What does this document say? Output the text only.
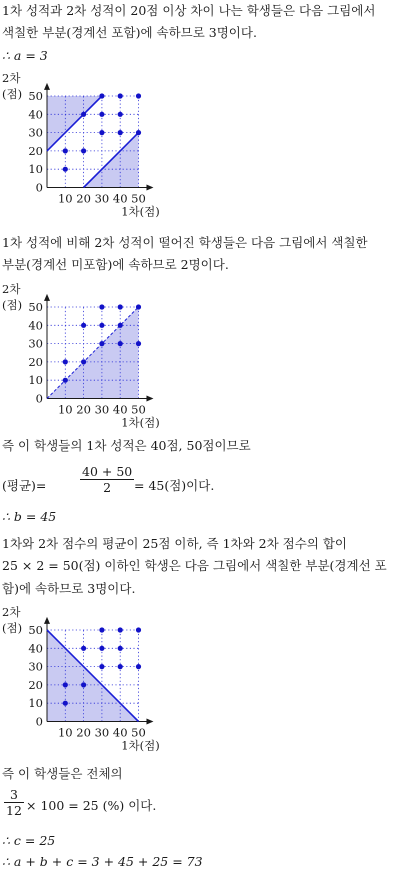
1차 성적과 2차 성적이 20점 이상 차이 나는 학생들은 다음 그림에서
색칠한 부분(경계선 포함)에 속하므로 3명이다.
∴ a = 3
0
10
20
30
40
50
10 20 30 40 50
2차
(점)
1차(점)
1차 성적에 비해 2차 성적이 떨어진 학생들은 다음 그림에서 색칠한
부분(경계선 미포함)에 속하므로 2명이다.
0
10
20
30
40
50
10 20 30 40 50
2차
(점)
1차(점)
즉 이 학생들의 1차 성적은 40점, 50점이므로
(평균)=	$\frac{40 + 50}{2} = 45$(점)이다.
∴ b = 45
1차와 2차 점수의 평균이 25점 이하, 즉 1차와 2차 점수의 합이
25 × 2 = 50(점) 이하인 학생은 다음 그림에서 색칠한 부분(경계선 포
함)에 속하므로 3명이다.
0
10
20
30
40
50
10 20 30 40 50
2차
(점)
1차(점)
즉 이 학생들은 전체의
$\frac{3}{12} \times 100 = 25$ (%) 이다.
∴ c = 25
∴ a + b + c = 3 + 45 + 25 = 73
